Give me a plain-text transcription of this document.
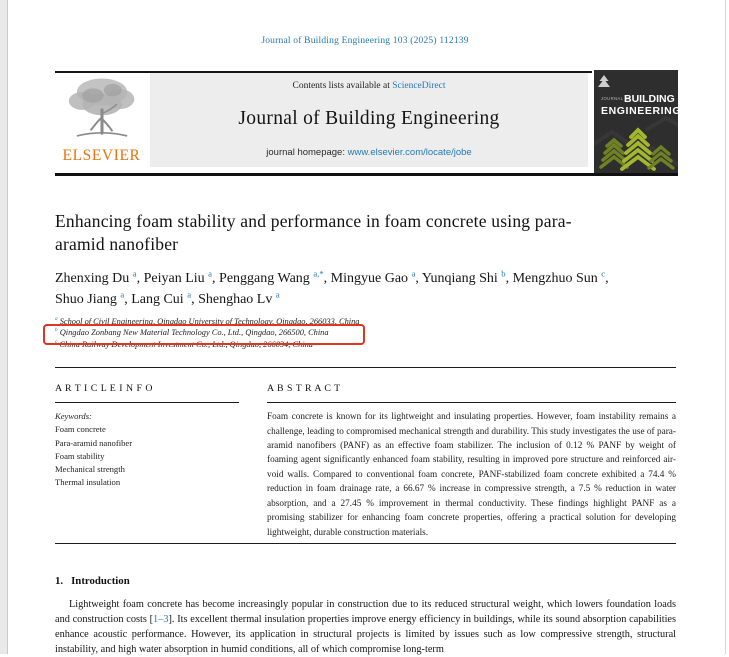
Journal of Building Engineering 103 (2025) 112139
ELSEVIER
Contents lists available at ScienceDirect
Journal of Building Engineering
journal homepage: www.elsevier.com/locate/jobe
JOURNAL OF
BUILDING
ENGINEERING
Enhancing foam stability and performance in foam concrete using para-aramid nanofiber
Zhenxing Du $^a$, Peiyan Liu $^a$, Penggang Wang $^{a,*}$, Mingyue Gao $^a$, Yunqiang Shi $^b$, Mengzhuo Sun $^c$, Shuo Jiang $^a$, Lang Cui $^a$, Shenghao Lv $^a$
$^a$ School of Civil Engineering, Qingdao University of Technology, Qingdao, 266033, China
$^b$ Qingdao Zonbang New Material Technology Co., Ltd., Qingdao, 266500, China
$^c$ China Railway Development Investment Co., Ltd., Qingdao, 266034, China
A R T I C L E I N F O
Keywords:
Foam concrete
Para-aramid nanofiber
Foam stability
Mechanical strength
Thermal insulation
A B S T R A C T
Foam concrete is known for its lightweight and insulating properties. However, foam instability remains a challenge, leading to compromised mechanical strength and durability. This study investigates the use of para-aramid nanofibers (PANF) as an effective foam stabilizer. The inclusion of 0.12 % PANF by weight of foaming agent significantly enhanced foam stability, resulting in improved pore structure and reinforced air-void walls. Compared to conventional foam concrete, PANF-stabilized foam concrete exhibited a 74.4 % reduction in foam drainage rate, a 66.67 % increase in compressive strength, a 7.5 % reduction in water absorption, and a 27.45 % improvement in thermal conductivity. These findings highlight PANF as a promising stabilizer for enhancing foam concrete properties, offering a practical solution for developing lightweight, durable construction materials.
1. Introduction
Lightweight foam concrete has become increasingly popular in construction due to its reduced structural weight, which lowers foundation loads and construction costs [1–3]. Its excellent thermal insulation properties improve energy efficiency in buildings, while its sound absorption capabilities enhance acoustic performance. However, its application in structural projects is limited by issues such as low compressive strength, structural instability, and high water absorption in humid conditions, all of which compromise long-term
